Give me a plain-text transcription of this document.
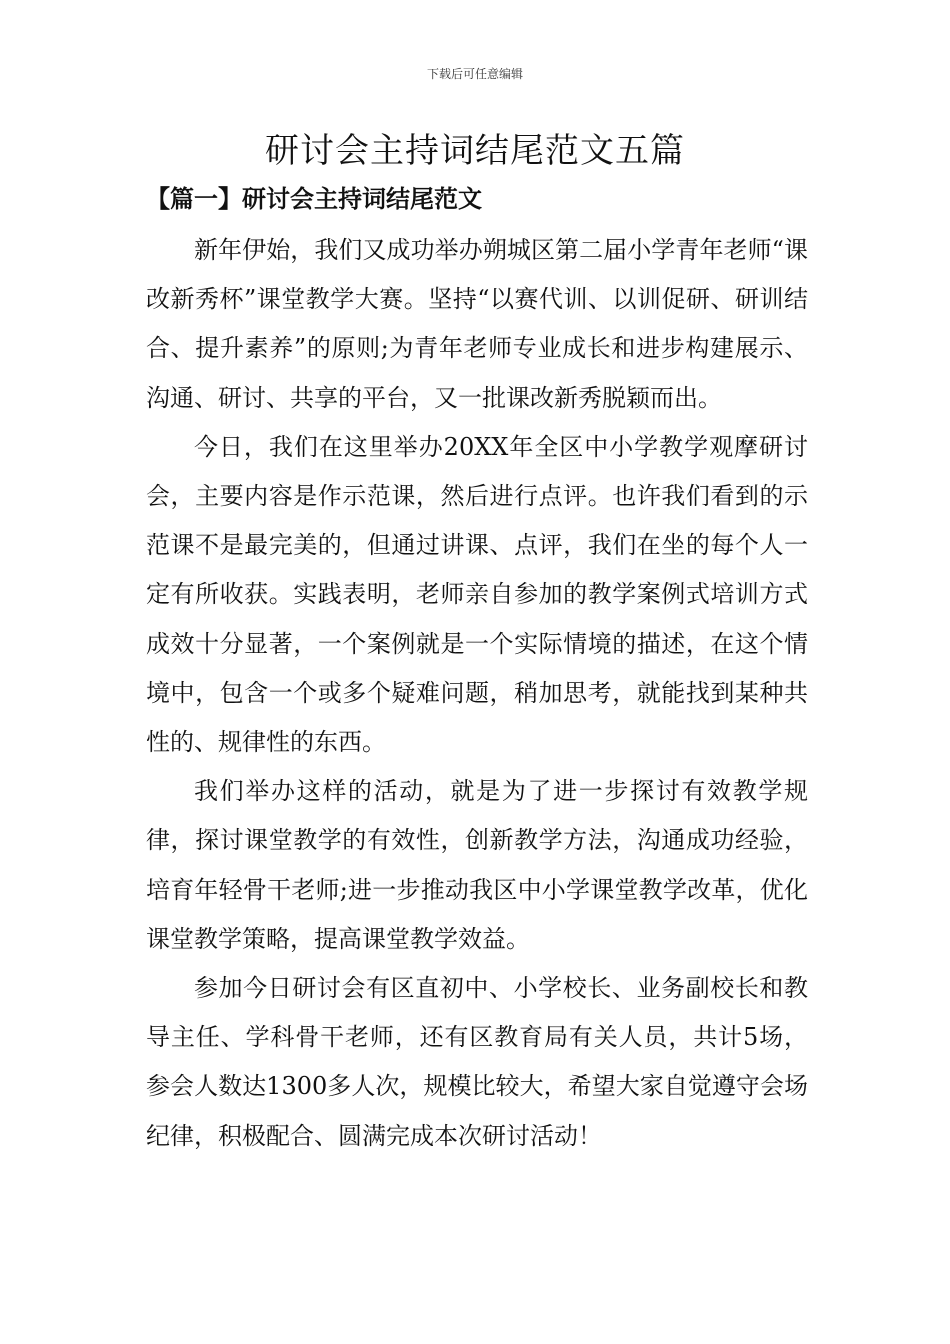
下载后可任意编辑
研讨会主持词结尾范文五篇
【篇一】研讨会主持词结尾范文

新年伊始，我们又成功举办朔城区第二届小学青年老师“课改新秀杯”课堂教学大赛。坚持“以赛代训、以训促研、研训结合、提升素养”的原则;为青年老师专业成长和进步构建展示、沟通、研讨、共享的平台，又一批课改新秀脱颖而出。

今日，我们在这里举办20XX年全区中小学教学观摩研讨会，主要内容是作示范课，然后进行点评。也许我们看到的示范课不是最完美的，但通过讲课、点评，我们在坐的每个人一定有所收获。实践表明，老师亲自参加的教学案例式培训方式成效十分显著，一个案例就是一个实际情境的描述，在这个情境中，包含一个或多个疑难问题，稍加思考，就能找到某种共性的、规律性的东西。

我们举办这样的活动，就是为了进一步探讨有效教学规律，探讨课堂教学的有效性，创新教学方法，沟通成功经验，培育年轻骨干老师;进一步推动我区中小学课堂教学改革，优化课堂教学策略，提高课堂教学效益。

参加今日研讨会有区直初中、小学校长、业务副校长和教导主任、学科骨干老师，还有区教育局有关人员，共计5场，参会人数达1300多人次，规模比较大，希望大家自觉遵守会场纪律，积极配合、圆满完成本次研讨活动！
